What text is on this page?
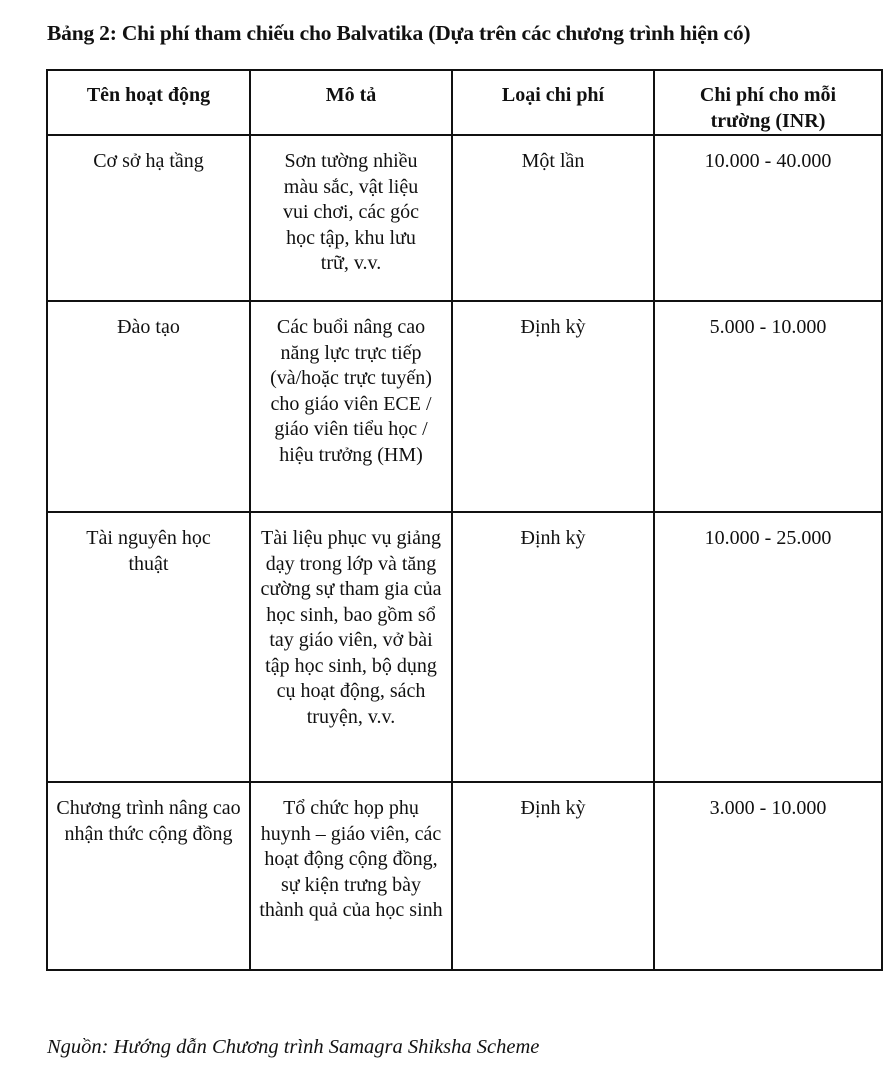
Bảng 2: Chi phí tham chiếu cho Balvatika (Dựa trên các chương trình hiện có)
Tên hoạt động	Mô tả	Loại chi phí	Chi phí cho mỗi trường (INR)
Cơ sở hạ tầng	Sơn tường nhiều màu sắc, vật liệu vui chơi, các góc học tập, khu lưu trữ, v.v.	Một lần	10.000 - 40.000
Đào tạo	Các buổi nâng cao năng lực trực tiếp (và/hoặc trực tuyến) cho giáo viên ECE / giáo viên tiểu học / hiệu trưởng (HM)	Định kỳ	5.000 - 10.000
Tài nguyên học thuật	Tài liệu phục vụ giảng dạy trong lớp và tăng cường sự tham gia của học sinh, bao gồm sổ tay giáo viên, vở bài tập học sinh, bộ dụng cụ hoạt động, sách truyện, v.v.	Định kỳ	10.000 - 25.000
Chương trình nâng cao nhận thức cộng đồng	Tổ chức họp phụ huynh – giáo viên, các hoạt động cộng đồng, sự kiện trưng bày thành quả của học sinh	Định kỳ	3.000 - 10.000
Nguồn: Hướng dẫn Chương trình Samagra Shiksha Scheme
